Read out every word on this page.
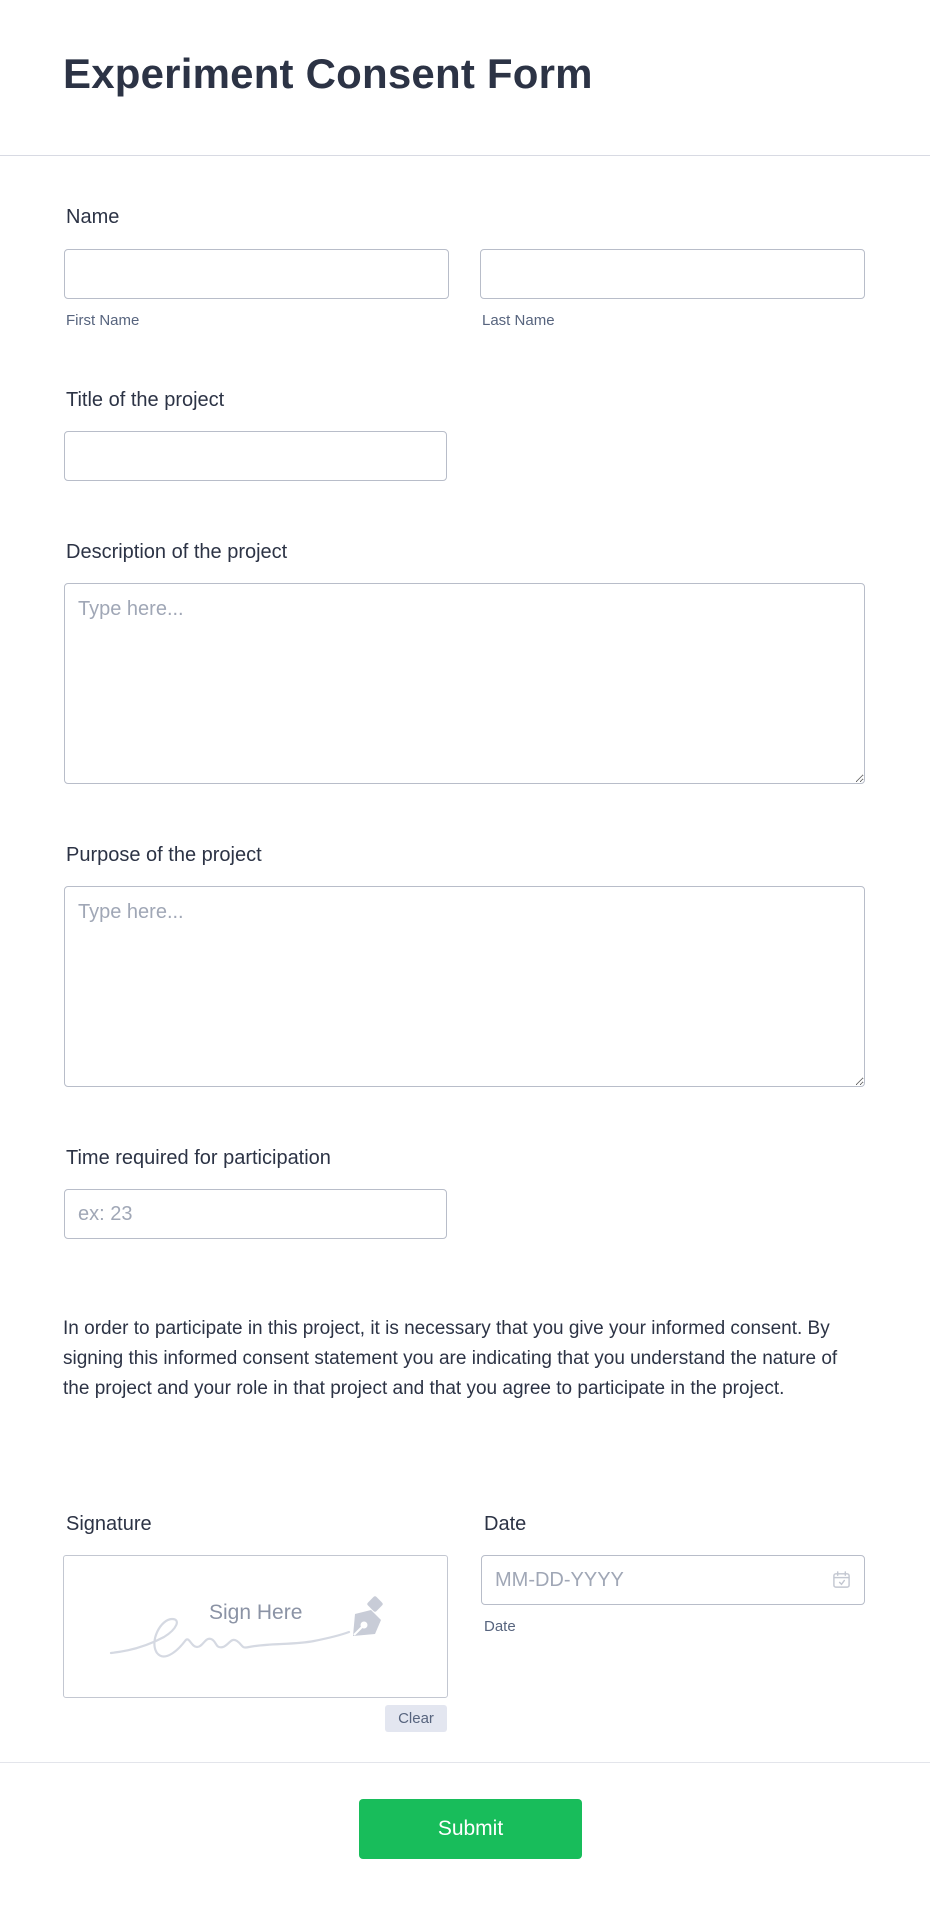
Experiment Consent Form
Name
First Name	Last Name
Title of the project
Description of the project
Type here...
Purpose of the project
Type here...
Time required for participation
ex: 23
In order to participate in this project, it is necessary that you give your informed consent. By signing this informed consent statement you are indicating that you understand the nature of the project and your role in that project and that you agree to participate in the project.
Signature
Sign Here
Clear
Date
MM-DD-YYYY
Date
Submit
